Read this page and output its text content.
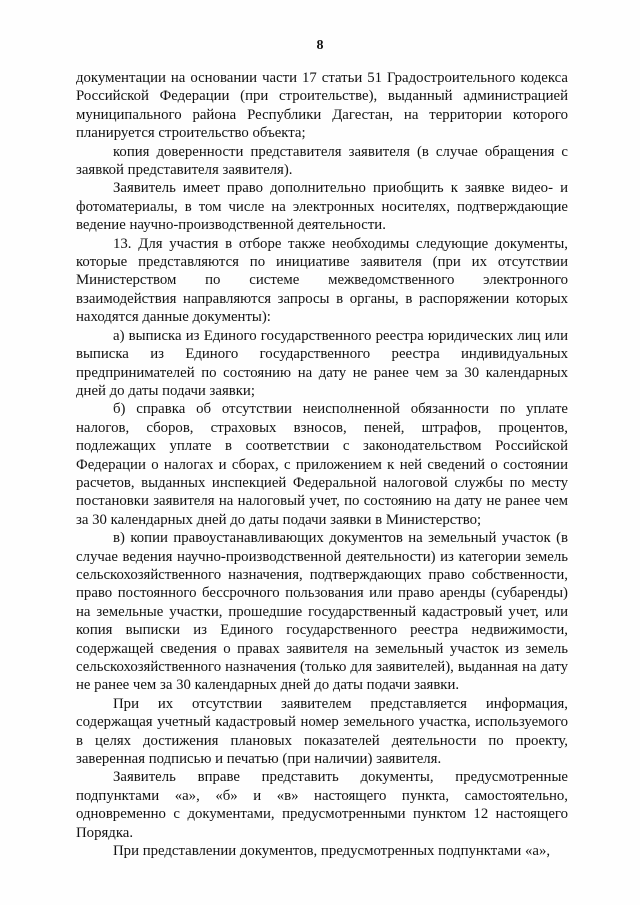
8

документации на основании части 17 статьи 51 Градостроительного кодекса Российской Федерации (при строительстве), выданный администрацией муниципального района Республики Дагестан, на территории которого планируется строительство объекта;

копия доверенности представителя заявителя (в случае обращения с заявкой представителя заявителя).

Заявитель имеет право дополнительно приобщить к заявке видео- и фотоматериалы, в том числе на электронных носителях, подтверждающие ведение научно-производственной деятельности.

13. Для участия в отборе также необходимы следующие документы, которые представляются по инициативе заявителя (при их отсутствии Министерством по системе межведомственного электронного взаимодействия направляются запросы в органы, в распоряжении которых находятся данные документы):

а) выписка из Единого государственного реестра юридических лиц или выписка из Единого государственного реестра индивидуальных предпринимателей по состоянию на дату не ранее чем за 30 календарных дней до даты подачи заявки;

б) справка об отсутствии неисполненной обязанности по уплате налогов, сборов, страховых взносов, пеней, штрафов, процентов, подлежащих уплате в соответствии с законодательством Российской Федерации о налогах и сборах, с приложением к ней сведений о состоянии расчетов, выданных инспекцией Федеральной налоговой службы по месту постановки заявителя на налоговый учет, по состоянию на дату не ранее чем за 30 календарных дней до даты подачи заявки в Министерство;

в) копии правоустанавливающих документов на земельный участок (в случае ведения научно-производственной деятельности) из категории земель сельскохозяйственного назначения, подтверждающих право собственности, право постоянного бессрочного пользования или право аренды (субаренды) на земельные участки, прошедшие государственный кадастровый учет, или копия выписки из Единого государственного реестра недвижимости, содержащей сведения о правах заявителя на земельный участок из земель сельскохозяйственного назначения (только для заявителей), выданная на дату не ранее чем за 30 календарных дней до даты подачи заявки.

При их отсутствии заявителем представляется информация, содержащая учетный кадастровый номер земельного участка, используемого в целях достижения плановых показателей деятельности по проекту, заверенная подписью и печатью (при наличии) заявителя.

Заявитель вправе представить документы, предусмотренные подпунктами «а», «б» и «в» настоящего пункта, самостоятельно, одновременно с документами, предусмотренными пунктом 12 настоящего Порядка.

При представлении документов, предусмотренных подпунктами «а»,
